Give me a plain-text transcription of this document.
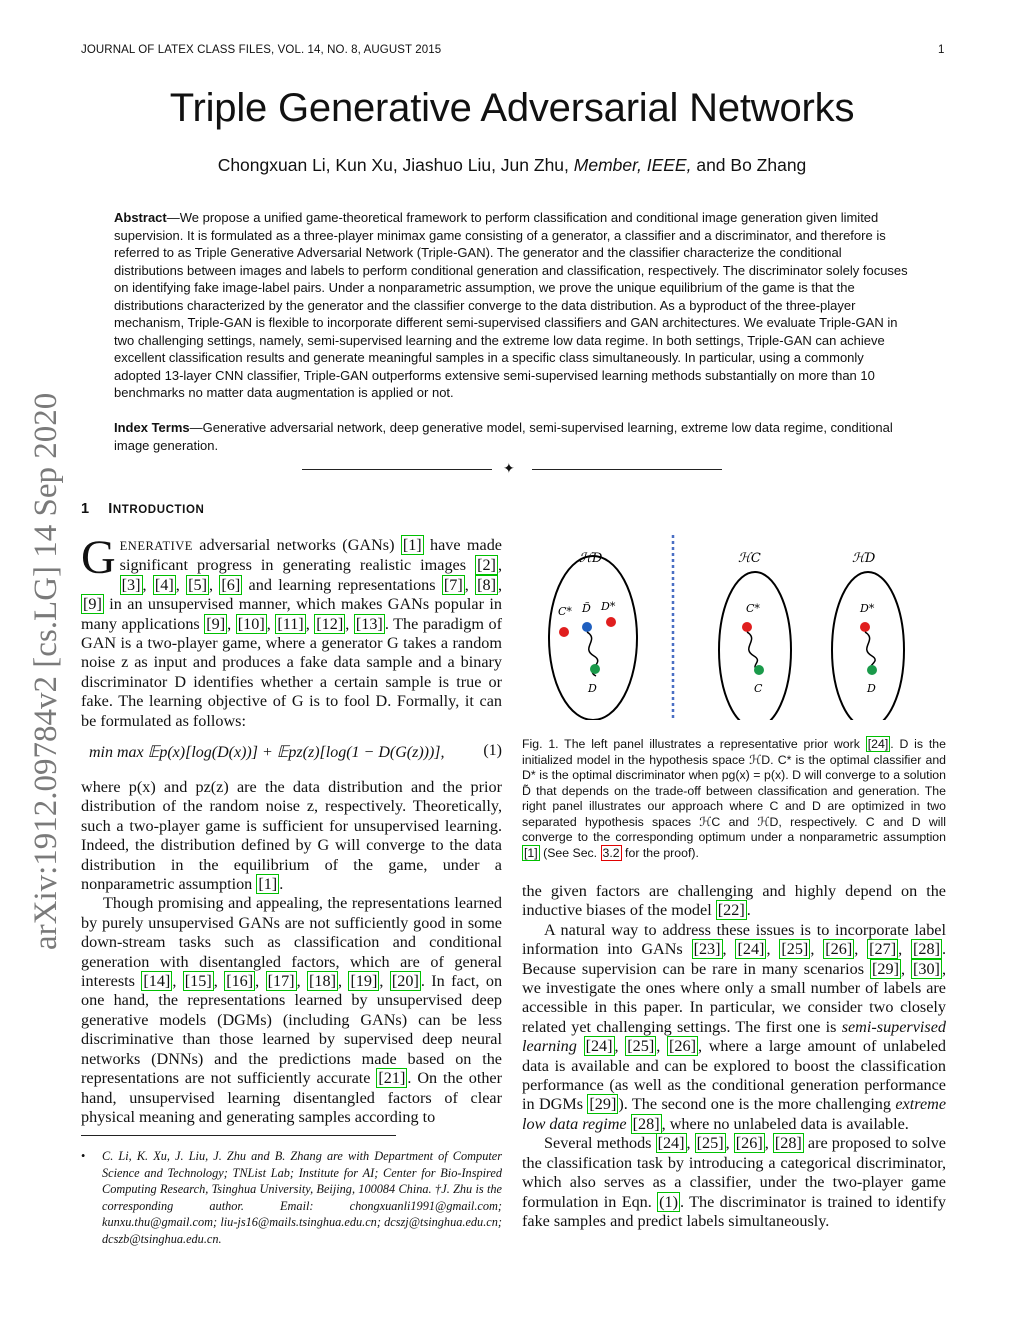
JOURNAL OF LATEX CLASS FILES, VOL. 14, NO. 8, AUGUST 2015	1
Triple Generative Adversarial Networks
Chongxuan Li, Kun Xu, Jiashuo Liu, Jun Zhu, Member, IEEE, and Bo Zhang
Abstract—We propose a unified game-theoretical framework to perform classification and conditional image generation given limited supervision. It is formulated as a three-player minimax game consisting of a generator, a classifier and a discriminator, and therefore is referred to as Triple Generative Adversarial Network (Triple-GAN). The generator and the classifier characterize the conditional distributions between images and labels to perform conditional generation and classification, respectively. The discriminator solely focuses on identifying fake image-label pairs. Under a nonparametric assumption, we prove the unique equilibrium of the game is that the distributions characterized by the generator and the classifier converge to the data distribution. As a byproduct of the three-player mechanism, Triple-GAN is flexible to incorporate different semi-supervised classifiers and GAN architectures. We evaluate Triple-GAN in two challenging settings, namely, semi-supervised learning and the extreme low data regime. In both settings, Triple-GAN can achieve excellent classification results and generate meaningful samples in a specific class simultaneously. In particular, using a commonly adopted 13-layer CNN classifier, Triple-GAN outperforms extensive semi-supervised learning methods substantially on more than 10 benchmarks no matter data augmentation is applied or not.
Index Terms—Generative adversarial network, deep generative model, semi-supervised learning, extreme low data regime, conditional image generation.
✦
arXiv:1912.09784v2 [cs.LG] 14 Sep 2020 1 INTRODUCTION
GENERATIVE adversarial networks (GANs) [1] have made significant progress in generating realistic images [2] , [3] , [4] , [5] , [6] and learning representations [7] , [8] , [9] in an unsupervised manner, which makes GANs popular in many applications [9] , [10] , [11] , [12] , [13] . The paradigm of GAN is a two-player game, where a generator G takes a random noise z as input and produces a fake data sample and a binary discriminator D identifies whether a certain sample is true or fake. The learning objective of G is to fool D. Formally, it can be formulated as follows:
min max 𝔼p(x)[log(D(x))] + 𝔼pz(z)[log(1 − D(G(z)))], (1)
where p(x) and pz(z) are the data distribution and the prior distribution of the random noise z, respectively. Theoretically, such a two-player game is sufficient for unsupervised learning. Indeed, the distribution defined by G will converge to the data distribution in the equilibrium of the game, under a nonparametric assumption [1] .
Though promising and appealing, the representations learned by purely unsupervised GANs are not sufficiently good in some down-stream tasks such as classification and conditional generation with disentangled factors, which are of general interests [14] , [15] , [16] , [17] , [18] , [19] , [20] . In fact, on one hand, the representations learned by unsupervised deep generative models (DGMs) (including GANs) can be less discriminative than those learned by supervised deep neural networks (DNNs) and the predictions made based on the representations are not sufficiently accurate [21] . On the other hand, unsupervised learning disentangled factors of clear physical meaning and generating samples according to
• C. Li, K. Xu, J. Liu, J. Zhu and B. Zhang are with Department of Computer Science and Technology; TNList Lab; Institute for AI; Center for Bio-Inspired Computing Research, Tsinghua University, Beijing, 100084 China. †J. Zhu is the corresponding author. Email: chongxuanli1991@gmail.com; kunxu.thu@gmail.com; liu-js16@mails.tsinghua.edu.cn; dcszj@tsinghua.edu.cn; dcszb@tsinghua.edu.cn.
ℋD
C* D̃ D*
D
ℋC
C*
C
ℋD
D*
D
Fig. 1. The left panel illustrates a representative prior work [24] . D is the initialized model in the hypothesis space ℋD. C* is the optimal classifier and D* is the optimal discriminator when pg(x) = p(x). D will converge to a solution D̃ that depends on the trade-off between classification and generation. The right panel illustrates our approach where C and D are optimized in two separated hypothesis spaces ℋC and ℋD, respectively. C and D will converge to the corresponding optimum under a nonparametric assumption [1] (See Sec. 3.2 for the proof).
the given factors are challenging and highly depend on the inductive biases of the model [22] .
A natural way to address these issues is to incorporate label information into GANs [23] , [24] , [25] , [26] , [27] , [28] . Because supervision can be rare in many scenarios [29] , [30] , we investigate the ones where only a small number of labels are accessible in this paper. In particular, we consider two closely related yet challenging settings. The first one is semi-supervised learning [24] , [25] , [26] , where a large amount of unlabeled data is available and can be explored to boost the classification performance (as well as the conditional generation performance in DGMs [29] ). The second one is the more challenging extreme low data regime [28] , where no unlabeled data is available.
Several methods [24] , [25] , [26] , [28] are proposed to solve the classification task by introducing a categorical discriminator, which also serves as a classifier, under the two-player game formulation in Eqn. (1) . The discriminator is trained to identify fake samples and predict labels simultaneously.
